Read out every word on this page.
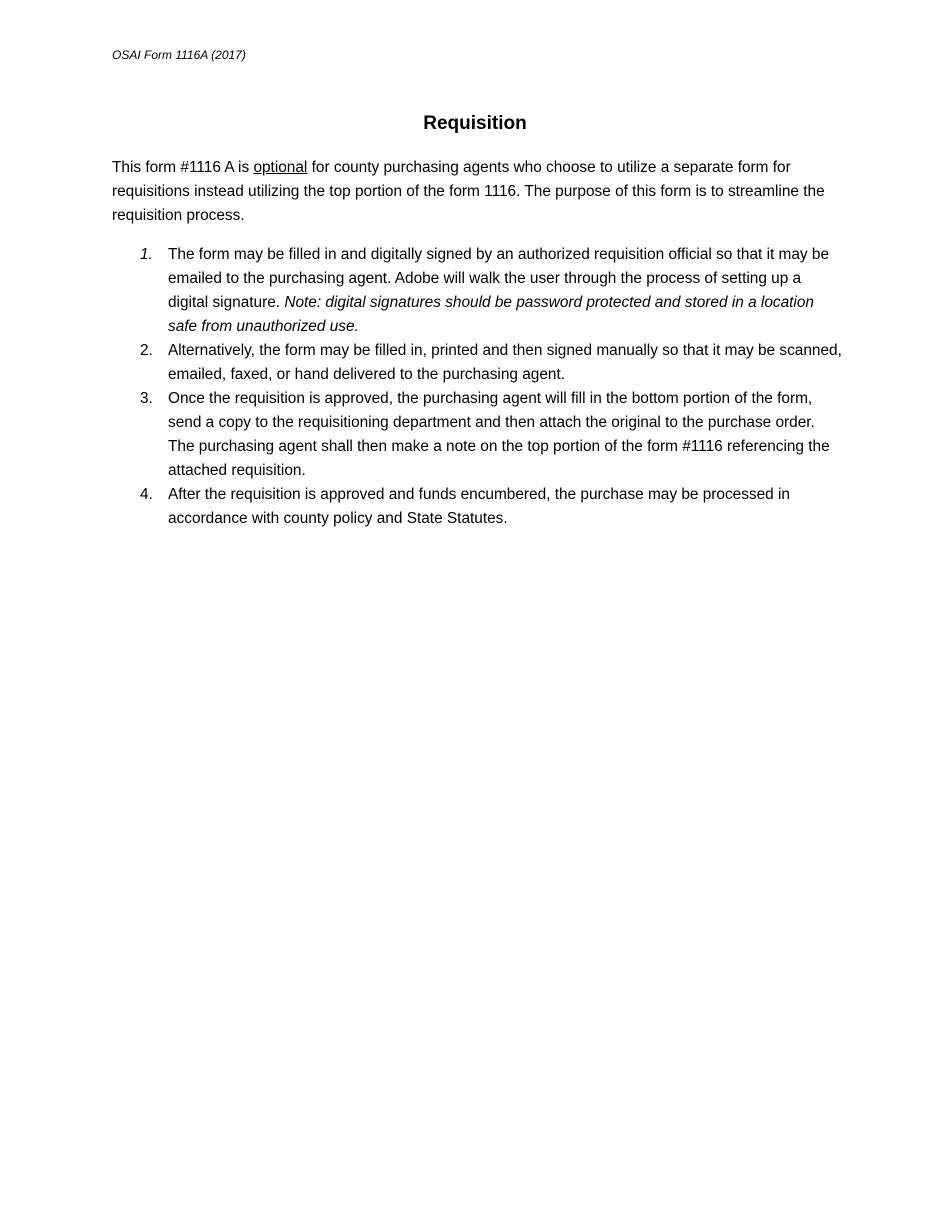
OSAI Form 1116A (2017)
Requisition

This form #1116 A is optional for county purchasing agents who choose to utilize a separate form for requisitions instead utilizing the top portion of the form 1116. The purpose of this form is to streamline the requisition process.

1. The form may be filled in and digitally signed by an authorized requisition official so that it may be emailed to the purchasing agent. Adobe will walk the user through the process of setting up a digital signature. Note: digital signatures should be password protected and stored in a location safe from unauthorized use.
2. Alternatively, the form may be filled in, printed and then signed manually so that it may be scanned, emailed, faxed, or hand delivered to the purchasing agent.
3. Once the requisition is approved, the purchasing agent will fill in the bottom portion of the form, send a copy to the requisitioning department and then attach the original to the purchase order. The purchasing agent shall then make a note on the top portion of the form #1116 referencing the attached requisition.
4. After the requisition is approved and funds encumbered, the purchase may be processed in accordance with county policy and State Statutes.
